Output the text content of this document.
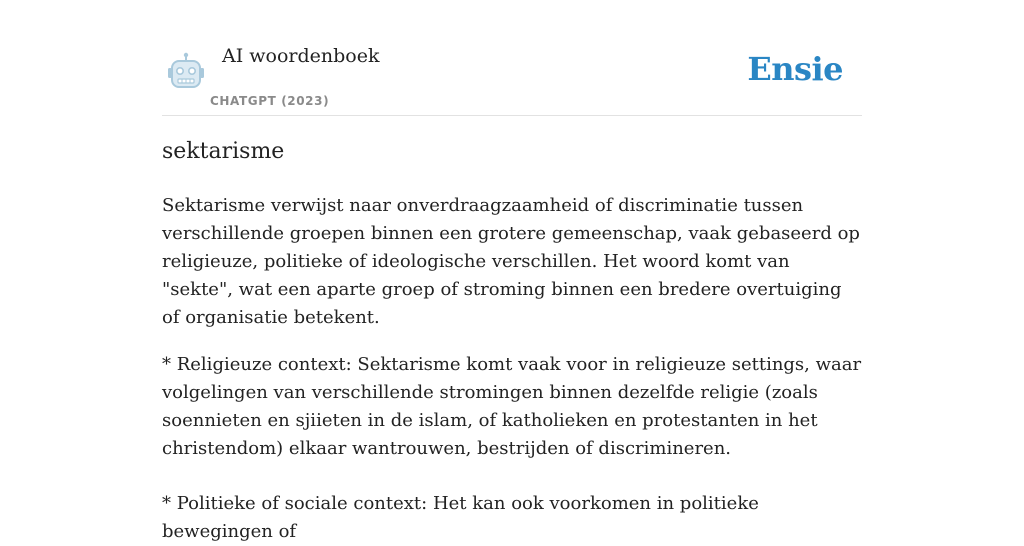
AI woordenboek
CHATGPT (2023)
Ensie
sektarisme

Sektarisme verwijst naar onverdraagzaamheid of discriminatie tussen verschillende groepen binnen een grotere gemeenschap, vaak gebaseerd op religieuze, politieke of ideologische verschillen. Het woord komt van "sekte", wat een aparte groep of stroming binnen een bredere overtuiging of organisatie betekent.

* Religieuze context: Sektarisme komt vaak voor in religieuze settings, waar volgelingen van verschillende stromingen binnen dezelfde religie (zoals soennieten en sjiieten in de islam, of katholieken en protestanten in het christendom) elkaar wantrouwen, bestrijden of discrimineren.

* Politieke of sociale context: Het kan ook voorkomen in politieke bewegingen of
